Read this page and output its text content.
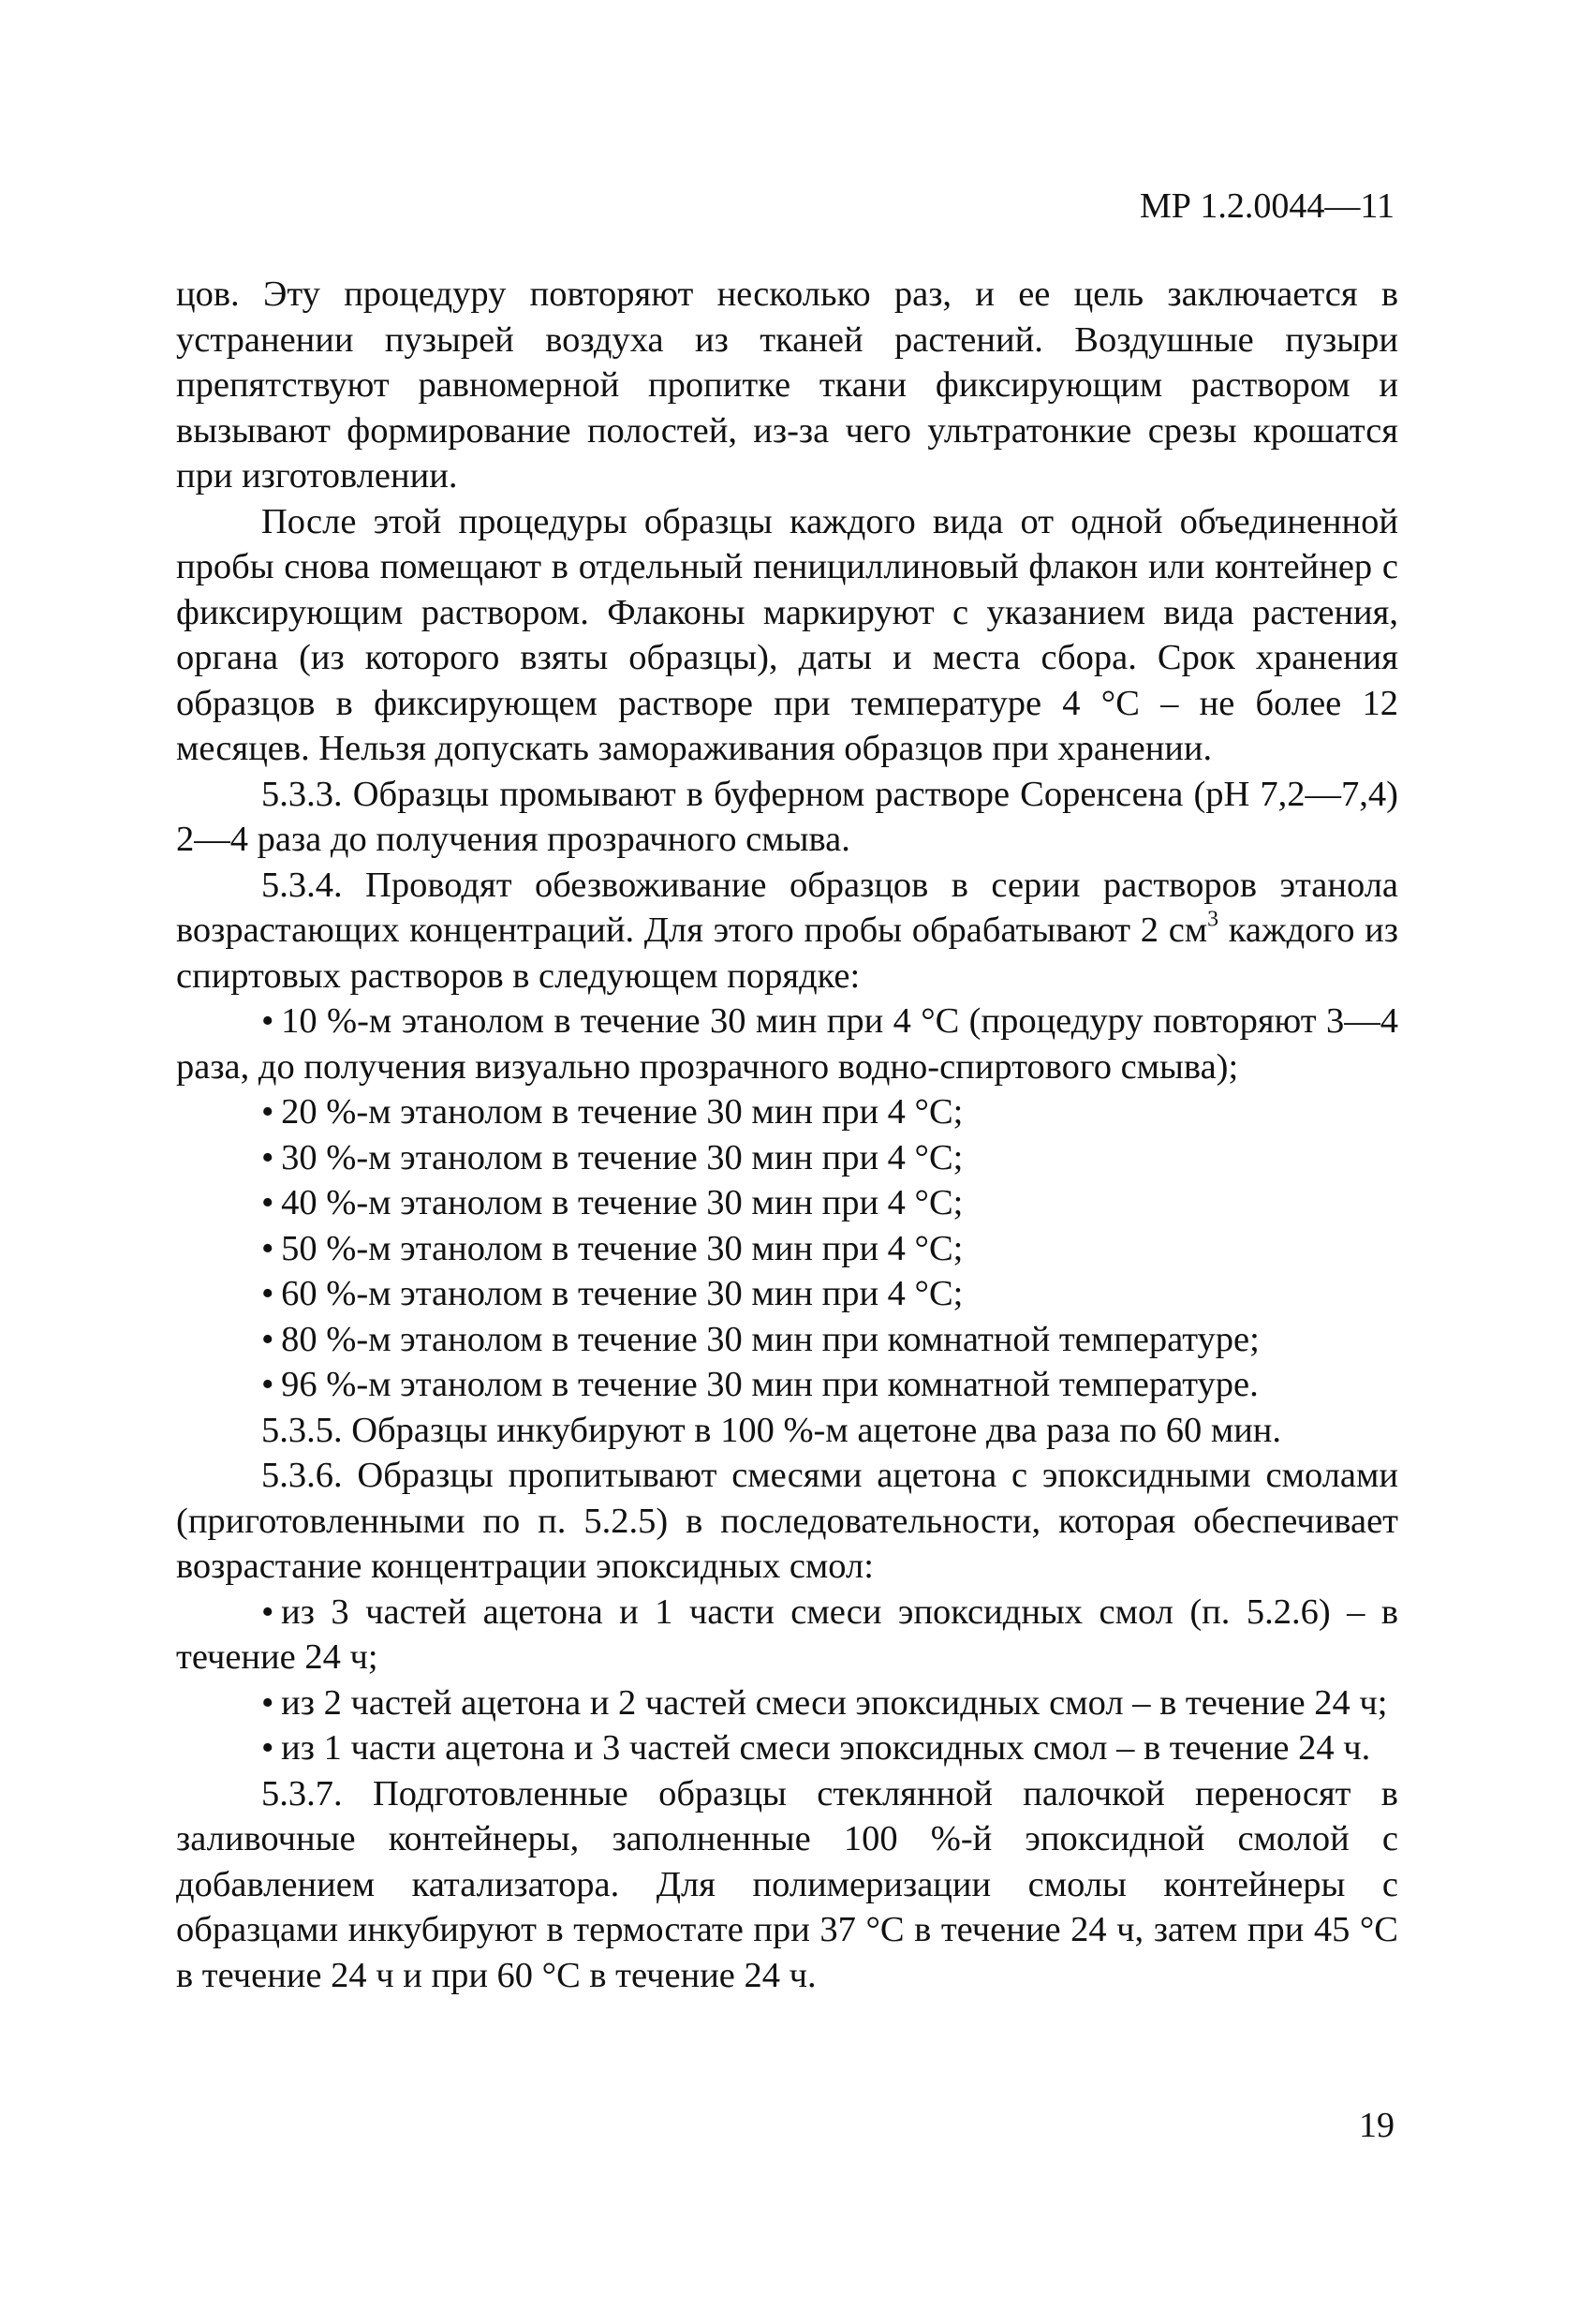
МР 1.2.0044—11

цов. Эту процедуру повторяют несколько раз, и ее цель заключается в устранении пузырей воздуха из тканей растений. Воздушные пузыри препятствуют равномерной пропитке ткани фиксирующим раствором и вызывают формирование полостей, из-за чего ультратонкие срезы крошатся при изготовлении.

После этой процедуры образцы каждого вида от одной объединенной пробы снова помещают в отдельный пенициллиновый флакон или контейнер с фиксирующим раствором. Флаконы маркируют с указанием вида растения, органа (из которого взяты образцы), даты и места сбора. Срок хранения образцов в фиксирующем растворе при температуре 4 °С – не более 12 месяцев. Нельзя допускать замораживания образцов при хранении.

5.3.3. Образцы промывают в буферном растворе Соренсена (pH 7,2—7,4) 2—4 раза до получения прозрачного смыва.

5.3.4. Проводят обезвоживание образцов в серии растворов этанола возрастающих концентраций. Для этого пробы обрабатывают 2 $см^3$ каждого из спиртовых растворов в следующем порядке:

• 10 %-м этанолом в течение 30 мин при 4 °С (процедуру повторяют 3—4 раза, до получения визуально прозрачного водно-спиртового смыва);

• 20 %-м этанолом в течение 30 мин при 4 °С;

• 30 %-м этанолом в течение 30 мин при 4 °С;

• 40 %-м этанолом в течение 30 мин при 4 °С;

• 50 %-м этанолом в течение 30 мин при 4 °С;

• 60 %-м этанолом в течение 30 мин при 4 °С;

• 80 %-м этанолом в течение 30 мин при комнатной температуре;

• 96 %-м этанолом в течение 30 мин при комнатной температуре.

5.3.5. Образцы инкубируют в 100 %-м ацетоне два раза по 60 мин.

5.3.6. Образцы пропитывают смесями ацетона с эпоксидными смолами (приготовленными по п. 5.2.5) в последовательности, которая обеспечивает возрастание концентрации эпоксидных смол:

• из 3 частей ацетона и 1 части смеси эпоксидных смол (п. 5.2.6) – в течение 24 ч;

• из 2 частей ацетона и 2 частей смеси эпоксидных смол – в течение 24 ч;

• из 1 части ацетона и 3 частей смеси эпоксидных смол – в течение 24 ч.

5.3.7. Подготовленные образцы стеклянной палочкой переносят в заливочные контейнеры, заполненные 100 %-й эпоксидной смолой с добавлением катализатора. Для полимеризации смолы контейнеры с образцами инкубируют в термостате при 37 °С в течение 24 ч, затем при 45 °С в течение 24 ч и при 60 °С в течение 24 ч.

19
